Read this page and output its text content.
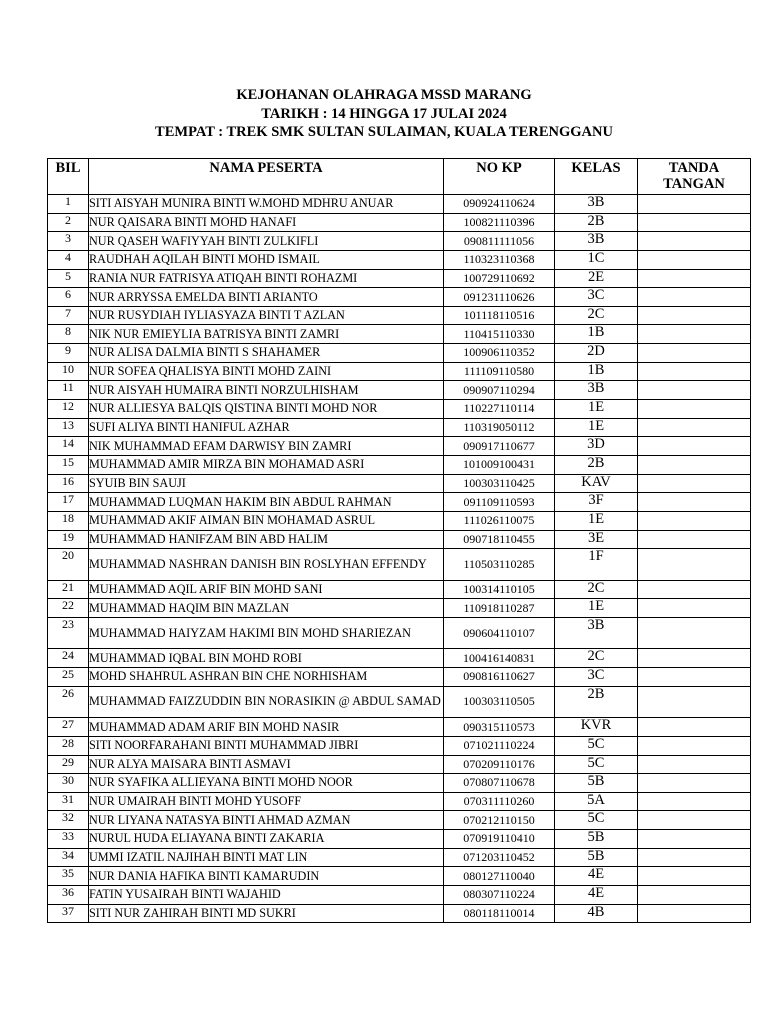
KEJOHANAN OLAHRAGA MSSD MARANG
TARIKH : 14 HINGGA 17 JULAI 2024
TEMPAT : TREK SMK SULTAN SULAIMAN, KUALA TERENGGANU
BIL	NAMA PESERTA	NO KP	KELAS	TANDA TANGAN
1	SITI AISYAH MUNIRA BINTI W.MOHD MDHRU ANUAR	090924110624	3B	
2	NUR QAISARA BINTI MOHD HANAFI	100821110396	2B	
3	NUR QASEH WAFIYYAH BINTI ZULKIFLI	090811111056	3B	
4	RAUDHAH AQILAH BINTI MOHD ISMAIL	110323110368	1C	
5	RANIA NUR FATRISYA ATIQAH BINTI ROHAZMI	100729110692	2E	
6	NUR ARRYSSA EMELDA BINTI ARIANTO	091231110626	3C	
7	NUR RUSYDIAH IYLIASYAZA BINTI T AZLAN	101118110516	2C	
8	NIK NUR EMIEYLIA BATRISYA BINTI ZAMRI	110415110330	1B	
9	NUR ALISA DALMIA BINTI S SHAHAMER	100906110352	2D	
10	NUR SOFEA QHALISYA BINTI MOHD ZAINI	111109110580	1B	
11	NUR AISYAH HUMAIRA BINTI NORZULHISHAM	090907110294	3B	
12	NUR ALLIESYA BALQIS QISTINA BINTI MOHD NOR	110227110114	1E	
13	SUFI ALIYA BINTI HANIFUL AZHAR	110319050112	1E	
14	NIK MUHAMMAD EFAM DARWISY BIN ZAMRI	090917110677	3D	
15	MUHAMMAD AMIR MIRZA BIN MOHAMAD ASRI	101009100431	2B	
16	SYUIB BIN SAUJI	100303110425	KAV	
17	MUHAMMAD LUQMAN HAKIM BIN ABDUL RAHMAN	091109110593	3F	
18	MUHAMMAD AKIF AIMAN BIN MOHAMAD ASRUL	111026110075	1E	
19	MUHAMMAD HANIFZAM BIN ABD HALIM	090718110455	3E	
20	MUHAMMAD NASHRAN DANISH BIN ROSLYHAN EFFENDY	110503110285	1F	
21	MUHAMMAD AQIL ARIF BIN MOHD SANI	100314110105	2C	
22	MUHAMMAD HAQIM BIN MAZLAN	110918110287	1E	
23	MUHAMMAD HAIYZAM HAKIMI BIN MOHD SHARIEZAN	090604110107	3B	
24	MUHAMMAD IQBAL BIN MOHD ROBI	100416140831	2C	
25	MOHD SHAHRUL ASHRAN BIN CHE NORHISHAM	090816110627	3C	
26	MUHAMMAD FAIZZUDDIN BIN NORASIKIN @ ABDUL SAMAD	100303110505	2B	
27	MUHAMMAD ADAM ARIF BIN MOHD NASIR	090315110573	KVR	
28	SITI NOORFARAHANI BINTI MUHAMMAD JIBRI	071021110224	5C	
29	NUR ALYA MAISARA BINTI ASMAVI	070209110176	5C	
30	NUR SYAFIKA ALLIEYANA BINTI MOHD NOOR	070807110678	5B	
31	NUR UMAIRAH BINTI MOHD YUSOFF	070311110260	5A	
32	NUR LIYANA NATASYA BINTI AHMAD AZMAN	070212110150	5C	
33	NURUL HUDA ELIAYANA BINTI ZAKARIA	070919110410	5B	
34	UMMI IZATIL NAJIHAH BINTI MAT LIN	071203110452	5B	
35	NUR DANIA HAFIKA BINTI KAMARUDIN	080127110040	4E	
36	FATIN YUSAIRAH BINTI WAJAHID	080307110224	4E	
37	SITI NUR ZAHIRAH BINTI MD SUKRI	080118110014	4B	
